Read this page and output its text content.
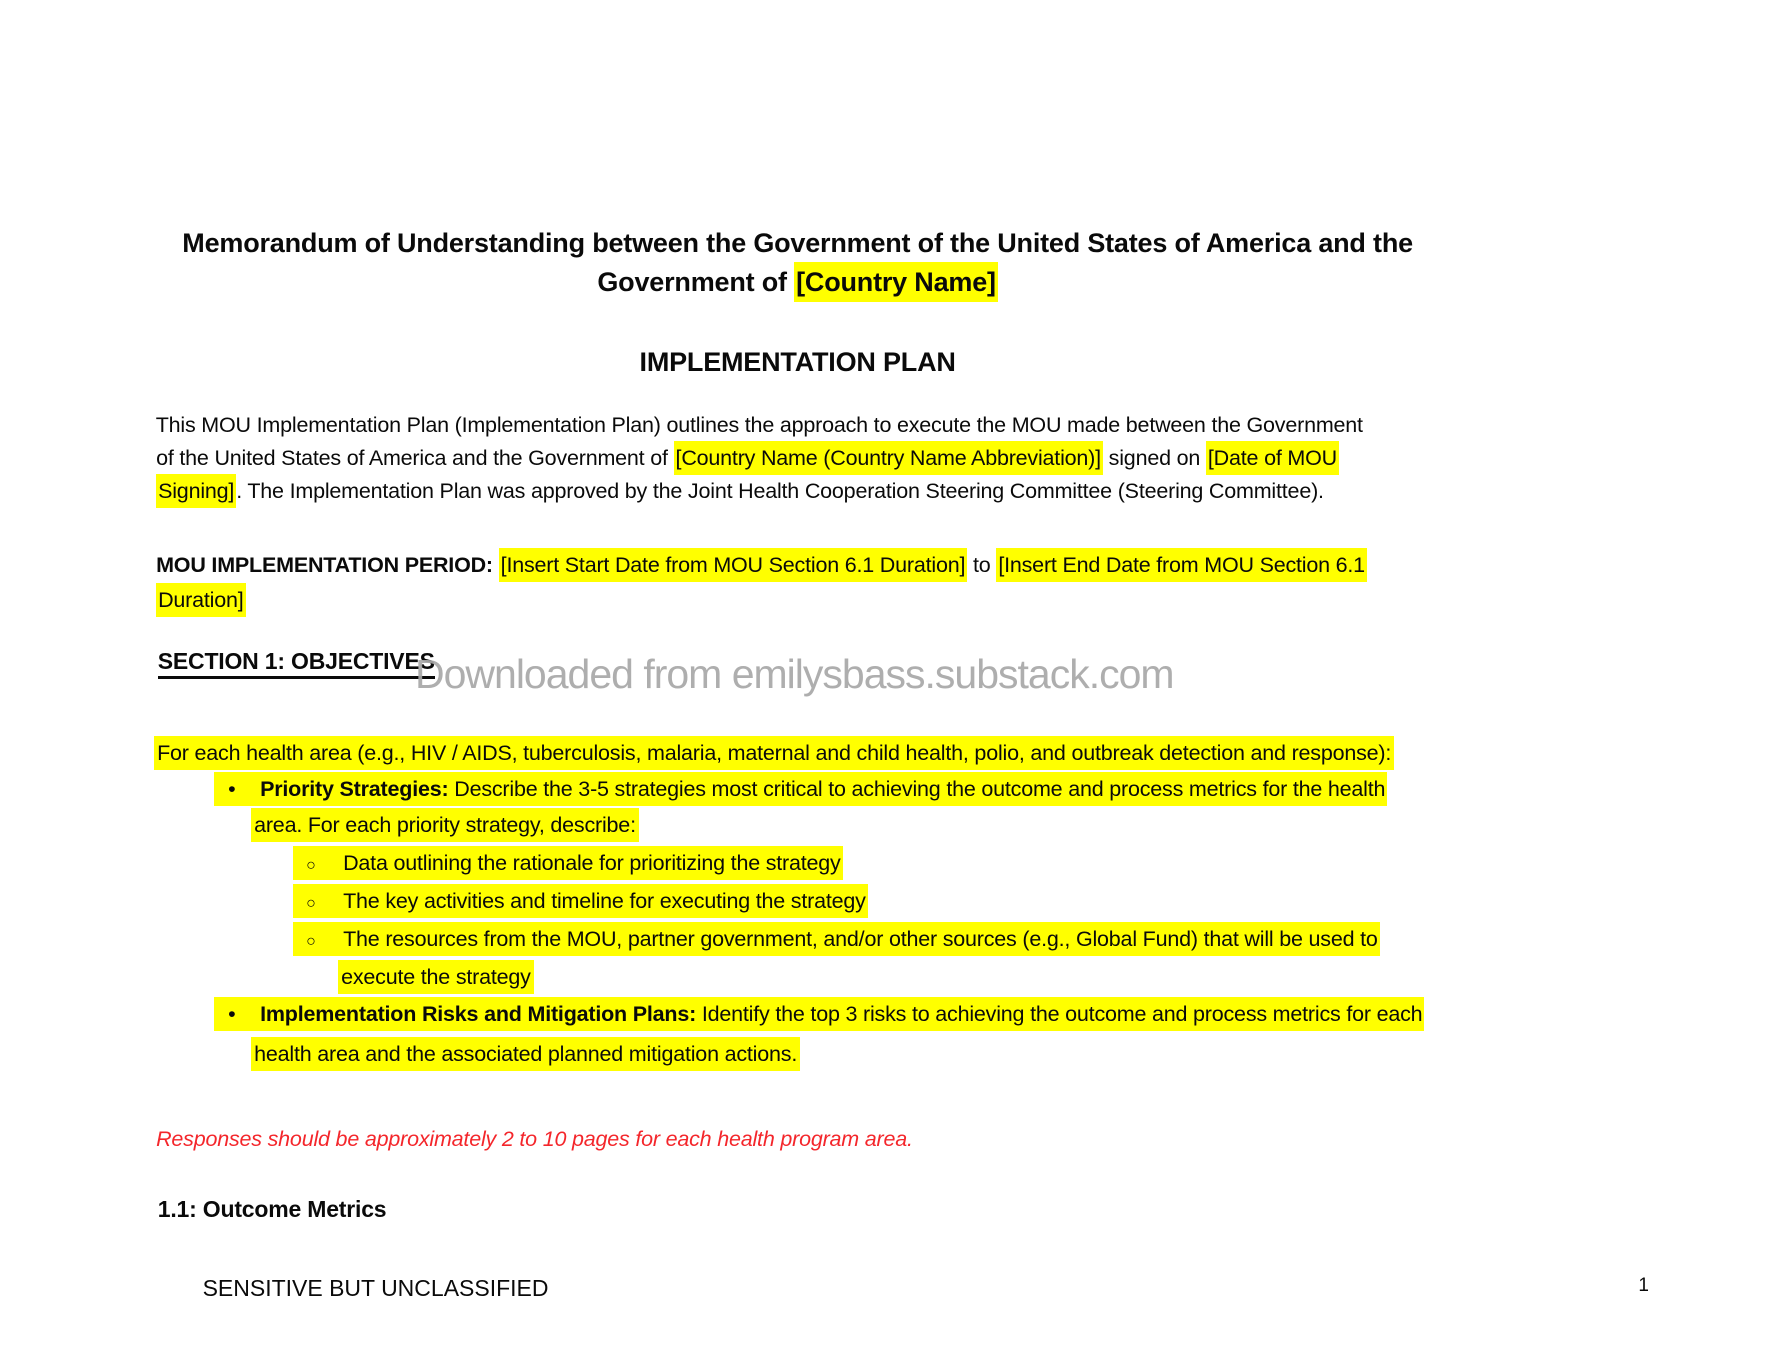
Memorandum of Understanding between the Government of the United States of America and the

Government of [Country Name]

IMPLEMENTATION PLAN

This MOU Implementation Plan (Implementation Plan) outlines the approach to execute the MOU made between the Government

of the United States of America and the Government of [Country Name (Country Name Abbreviation)] signed on [Date of MOU

Signing]. The Implementation Plan was approved by the Joint Health Cooperation Steering Committee (Steering Committee).

MOU IMPLEMENTATION PERIOD: [Insert Start Date from MOU Section 6.1 Duration] to [Insert End Date from MOU Section 6.1

Duration]

SECTION 1: OBJECTIVES

For each health area (e.g., HIV / AIDS, tuberculosis, malaria, maternal and child health, polio, and outbreak detection and response):

• Priority Strategies: Describe the 3-5 strategies most critical to achieving the outcome and process metrics for the health

area. For each priority strategy, describe:

○ Data outlining the rationale for prioritizing the strategy

○ The key activities and timeline for executing the strategy

○ The resources from the MOU, partner government, and/or other sources (e.g., Global Fund) that will be used to

execute the strategy

• Implementation Risks and Mitigation Plans: Identify the top 3 risks to achieving the outcome and process metrics for each

health area and the associated planned mitigation actions.

Responses should be approximately 2 to 10 pages for each health program area.

1.1: Outcome Metrics

SENSITIVE BUT UNCLASSIFIED
	1

Downloaded from emilysbass.substack.com
